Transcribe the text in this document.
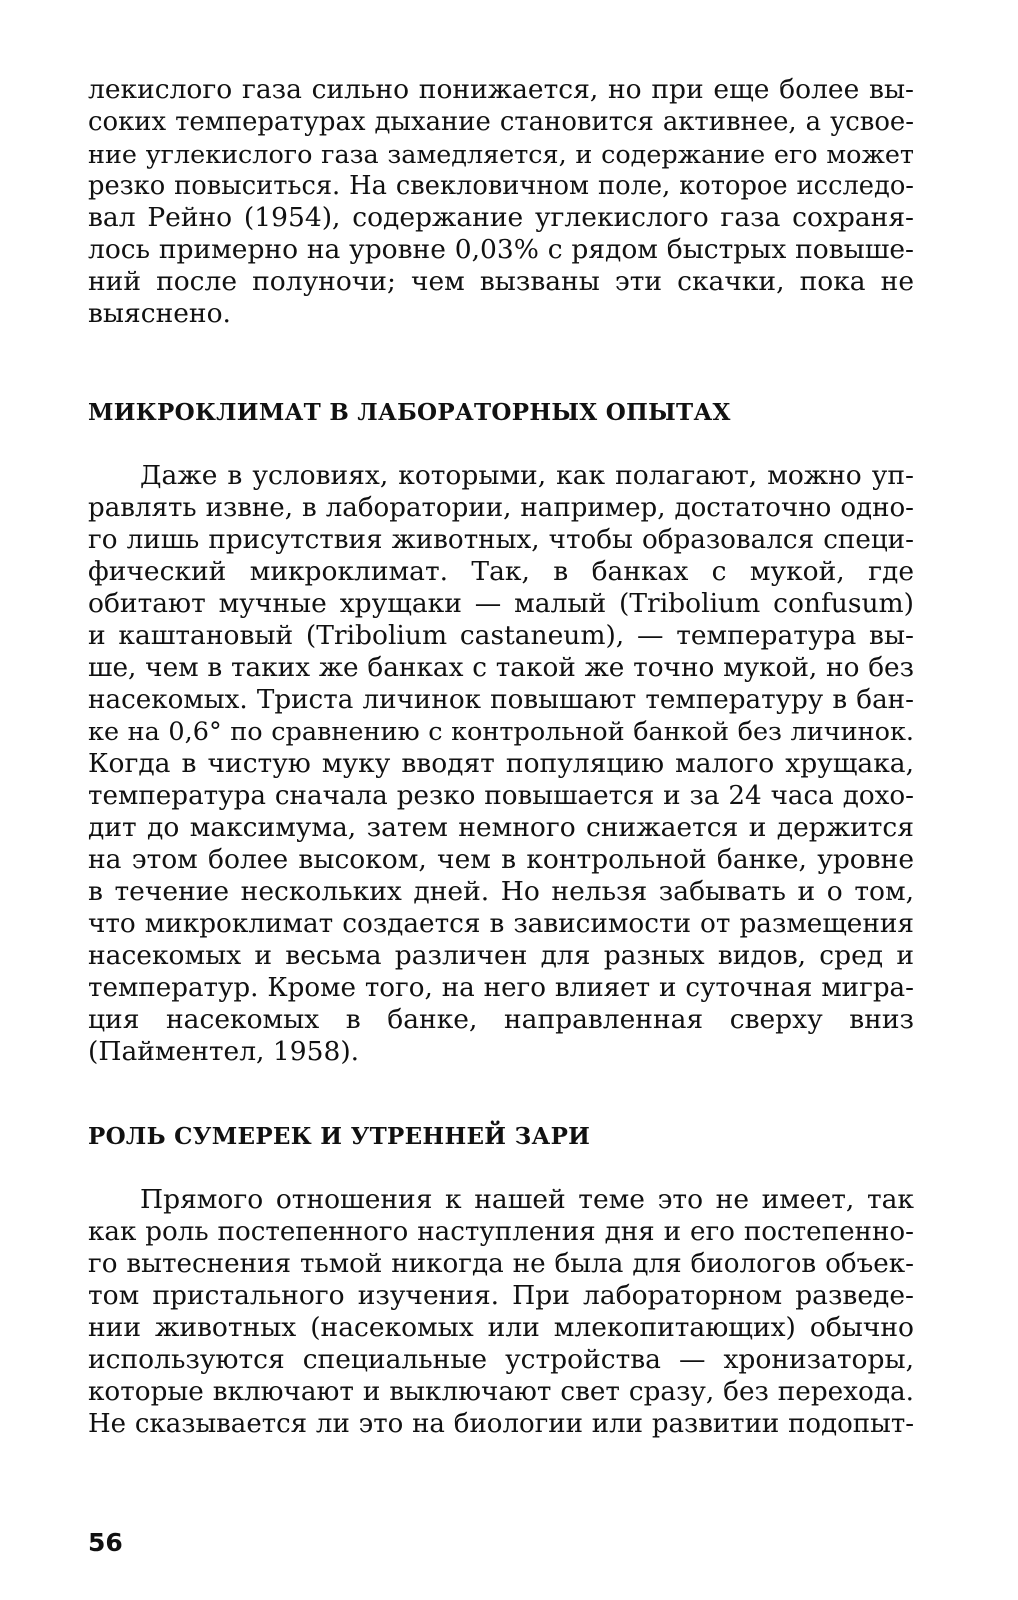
лекислого газа сильно понижается, но при еще более вы-
соких температурах дыхание становится активнее, а усвое-
ние углекислого газа замедляется, и содержание его может
резко повыситься. На свекловичном поле, которое исследо-
вал Рейно (1954), содержание углекислого газа сохраня-
лось примерно на уровне 0,03% с рядом быстрых повыше-
ний после полуночи; чем вызваны эти скачки, пока не
выяснено.

МИКРОКЛИМАТ В ЛАБОРАТОРНЫХ ОПЫТАХ

Даже в условиях, которыми, как полагают, можно уп-
равлять извне, в лаборатории, например, достаточно одно-
го лишь присутствия животных, чтобы образовался специ-
фический микроклимат. Так, в банках с мукой, где
обитают мучные хрущаки — малый (Tribolium confusum)
и каштановый (Tribolium castaneum), — температура вы-
ше, чем в таких же банках с такой же точно мукой, но без
насекомых. Триста личинок повышают температуру в бан-
ке на 0,6° по сравнению с контрольной банкой без личинок.
Когда в чистую муку вводят популяцию малого хрущака,
температура сначала резко повышается и за 24 часа дохо-
дит до максимума, затем немного снижается и держится
на этом более высоком, чем в контрольной банке, уровне
в течение нескольких дней. Но нельзя забывать и о том,
что микроклимат создается в зависимости от размещения
насекомых и весьма различен для разных видов, сред и
температур. Кроме того, на него влияет и суточная мигра-
ция насекомых в банке, направленная сверху вниз
(Пайментел, 1958).

РОЛЬ СУМЕРЕК И УТРЕННЕЙ ЗАРИ

Прямого отношения к нашей теме это не имеет, так
как роль постепенного наступления дня и его постепенно-
го вытеснения тьмой никогда не была для биологов объек-
том пристального изучения. При лабораторном разведе-
нии животных (насекомых или млекопитающих) обычно
используются специальные устройства — хронизаторы,
которые включают и выключают свет сразу, без перехода.
Не сказывается ли это на биологии или развитии подопыт-

56
